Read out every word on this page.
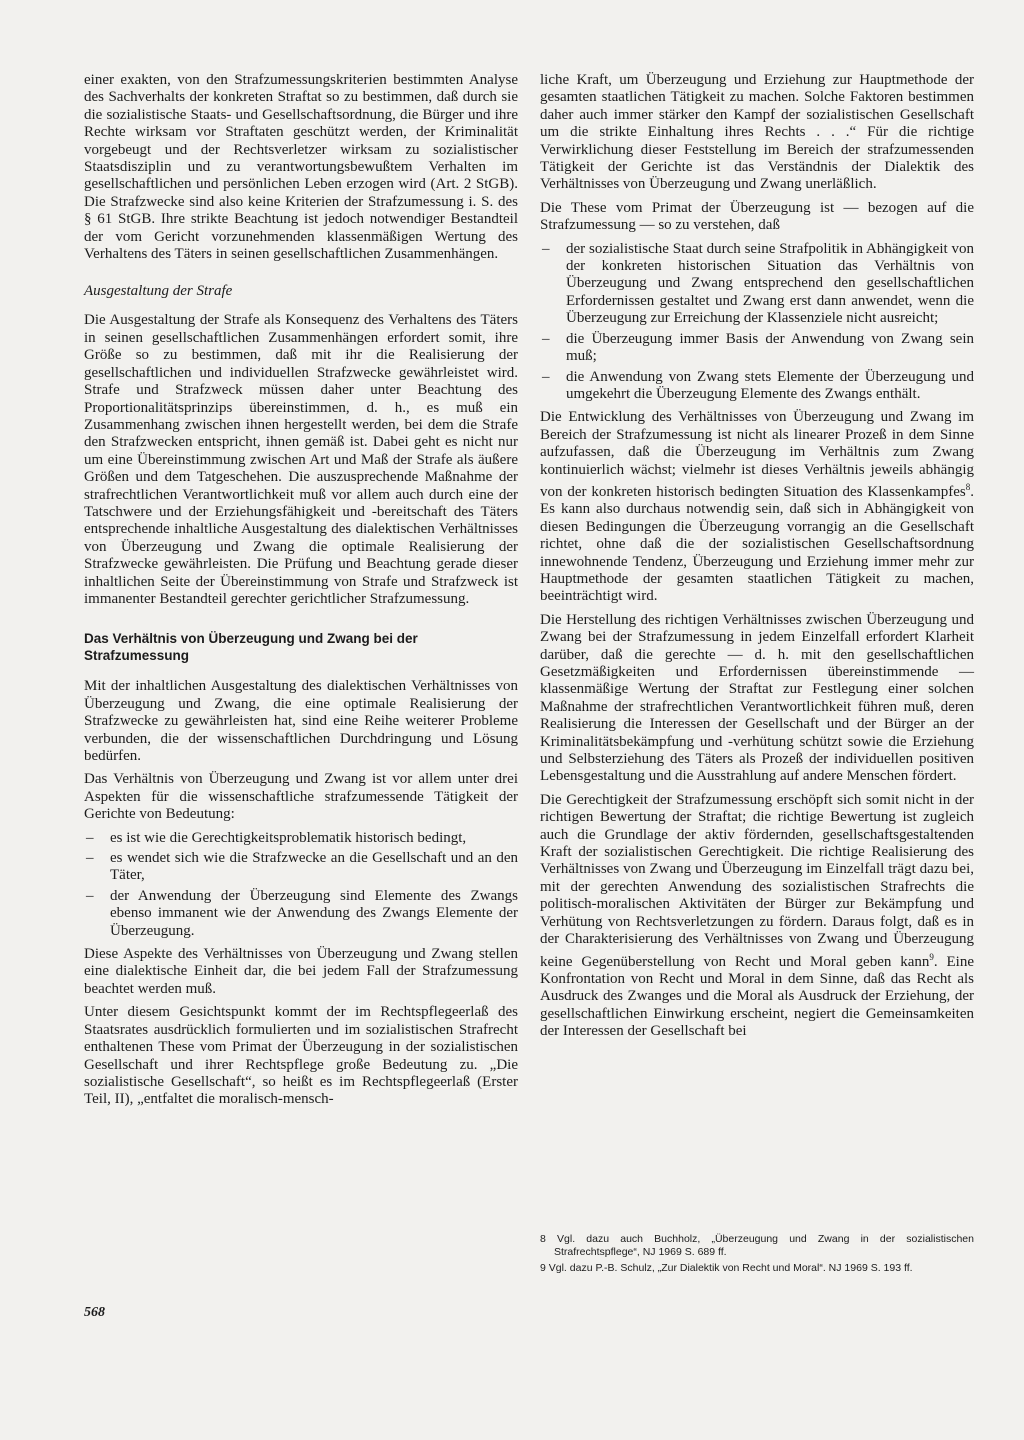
einer exakten, von den Strafzumessungskriterien bestimmten Analyse des Sachverhalts der konkreten Straftat so zu bestimmen, daß durch sie die sozialistische Staats- und Gesellschaftsordnung, die Bürger und ihre Rechte wirksam vor Straftaten geschützt werden, der Kriminalität vorgebeugt und der Rechtsverletzer wirksam zu sozialistischer Staatsdisziplin und zu verantwortungsbewußtem Verhalten im gesellschaftlichen und persönlichen Leben erzogen wird (Art. 2 StGB). Die Strafzwecke sind also keine Kriterien der Strafzumessung i. S. des § 61 StGB. Ihre strikte Beachtung ist jedoch notwendiger Bestandteil der vom Gericht vorzunehmenden klassenmäßigen Wertung des Verhaltens des Täters in seinen gesellschaftlichen Zusammenhängen.

Ausgestaltung der Strafe

Die Ausgestaltung der Strafe als Konsequenz des Verhaltens des Täters in seinen gesellschaftlichen Zusammenhängen erfordert somit, ihre Größe so zu bestimmen, daß mit ihr die Realisierung der gesellschaftlichen und individuellen Strafzwecke gewährleistet wird. Strafe und Strafzweck müssen daher unter Beachtung des Proportionalitätsprinzips übereinstimmen, d. h., es muß ein Zusammenhang zwischen ihnen hergestellt werden, bei dem die Strafe den Strafzwecken entspricht, ihnen gemäß ist. Dabei geht es nicht nur um eine Übereinstimmung zwischen Art und Maß der Strafe als äußere Größen und dem Tatgeschehen. Die auszusprechende Maßnahme der strafrechtlichen Verantwortlichkeit muß vor allem auch durch eine der Tatschwere und der Erziehungsfähigkeit und -bereitschaft des Täters entsprechende inhaltliche Ausgestaltung des dialektischen Verhältnisses von Überzeugung und Zwang die optimale Realisierung der Strafzwecke gewährleisten. Die Prüfung und Beachtung gerade dieser inhaltlichen Seite der Übereinstimmung von Strafe und Strafzweck ist immanenter Bestandteil gerechter gerichtlicher Strafzumessung.

Das Verhältnis von Überzeugung und Zwang bei der Strafzumessung

Mit der inhaltlichen Ausgestaltung des dialektischen Verhältnisses von Überzeugung und Zwang, die eine optimale Realisierung der Strafzwecke zu gewährleisten hat, sind eine Reihe weiterer Probleme verbunden, die der wissenschaftlichen Durchdringung und Lösung bedürfen.

Das Verhältnis von Überzeugung und Zwang ist vor allem unter drei Aspekten für die wissenschaftliche strafzumessende Tätigkeit der Gerichte von Bedeutung:

– es ist wie die Gerechtigkeitsproblematik historisch bedingt,
– es wendet sich wie die Strafzwecke an die Gesellschaft und an den Täter,
– der Anwendung der Überzeugung sind Elemente des Zwangs ebenso immanent wie der Anwendung des Zwangs Elemente der Überzeugung.

Diese Aspekte des Verhältnisses von Überzeugung und Zwang stellen eine dialektische Einheit dar, die bei jedem Fall der Strafzumessung beachtet werden muß.

Unter diesem Gesichtspunkt kommt der im Rechtspflegeerlaß des Staatsrates ausdrücklich formulierten und im sozialistischen Strafrecht enthaltenen These vom Primat der Überzeugung in der sozialistischen Gesellschaft und ihrer Rechtspflege große Bedeutung zu. „Die sozialistische Gesellschaft“, so heißt es im Rechtspflegeerlaß (Erster Teil, II), „entfaltet die moralisch-mensch-

liche Kraft, um Überzeugung und Erziehung zur Hauptmethode der gesamten staatlichen Tätigkeit zu machen. Solche Faktoren bestimmen daher auch immer stärker den Kampf der sozialistischen Gesellschaft um die strikte Einhaltung ihres Rechts . . .“ Für die richtige Verwirklichung dieser Feststellung im Bereich der strafzumessenden Tätigkeit der Gerichte ist das Verständnis der Dialektik des Verhältnisses von Überzeugung und Zwang unerläßlich.

Die These vom Primat der Überzeugung ist — bezogen auf die Strafzumessung — so zu verstehen, daß

– der sozialistische Staat durch seine Strafpolitik in Abhängigkeit von der konkreten historischen Situation das Verhältnis von Überzeugung und Zwang entsprechend den gesellschaftlichen Erfordernissen gestaltet und Zwang erst dann anwendet, wenn die Überzeugung zur Erreichung der Klassenziele nicht ausreicht;
– die Überzeugung immer Basis der Anwendung von Zwang sein muß;
– die Anwendung von Zwang stets Elemente der Überzeugung und umgekehrt die Überzeugung Elemente des Zwangs enthält.

Die Entwicklung des Verhältnisses von Überzeugung und Zwang im Bereich der Strafzumessung ist nicht als linearer Prozeß in dem Sinne aufzufassen, daß die Überzeugung im Verhältnis zum Zwang kontinuierlich wächst; vielmehr ist dieses Verhältnis jeweils abhängig von der konkreten historisch bedingten Situation des Klassenkampfes$^8$. Es kann also durchaus notwendig sein, daß sich in Abhängigkeit von diesen Bedingungen die Überzeugung vorrangig an die Gesellschaft richtet, ohne daß die der sozialistischen Gesellschaftsordnung innewohnende Tendenz, Überzeugung und Erziehung immer mehr zur Hauptmethode der gesamten staatlichen Tätigkeit zu machen, beeinträchtigt wird.

Die Herstellung des richtigen Verhältnisses zwischen Überzeugung und Zwang bei der Strafzumessung in jedem Einzelfall erfordert Klarheit darüber, daß die gerechte — d. h. mit den gesellschaftlichen Gesetzmäßigkeiten und Erfordernissen übereinstimmende — klassenmäßige Wertung der Straftat zur Festlegung einer solchen Maßnahme der strafrechtlichen Verantwortlichkeit führen muß, deren Realisierung die Interessen der Gesellschaft und der Bürger an der Kriminalitätsbekämpfung und -verhütung schützt sowie die Erziehung und Selbsterziehung des Täters als Prozeß der individuellen positiven Lebensgestaltung und die Ausstrahlung auf andere Menschen fördert.

Die Gerechtigkeit der Strafzumessung erschöpft sich somit nicht in der richtigen Bewertung der Straftat; die richtige Bewertung ist zugleich auch die Grundlage der aktiv fördernden, gesellschaftsgestaltenden Kraft der sozialistischen Gerechtigkeit. Die richtige Realisierung des Verhältnisses von Zwang und Überzeugung im Einzelfall trägt dazu bei, mit der gerechten Anwendung des sozialistischen Strafrechts die politisch-moralischen Aktivitäten der Bürger zur Bekämpfung und Verhütung von Rechtsverletzungen zu fördern. Daraus folgt, daß es in der Charakterisierung des Verhältnisses von Zwang und Überzeugung keine Gegenüberstellung von Recht und Moral geben kann$^9$. Eine Konfrontation von Recht und Moral in dem Sinne, daß das Recht als Ausdruck des Zwanges und die Moral als Ausdruck der Erziehung, der gesellschaftlichen Einwirkung erscheint, negiert die Gemeinsamkeiten der Interessen der Gesellschaft bei

8 Vgl. dazu auch Buchholz, „Überzeugung und Zwang in der sozialistischen Strafrechtspflege“, NJ 1969 S. 689 ff.

9 Vgl. dazu P.-B. Schulz, „Zur Dialektik von Recht und Moral“. NJ 1969 S. 193 ff.

568
